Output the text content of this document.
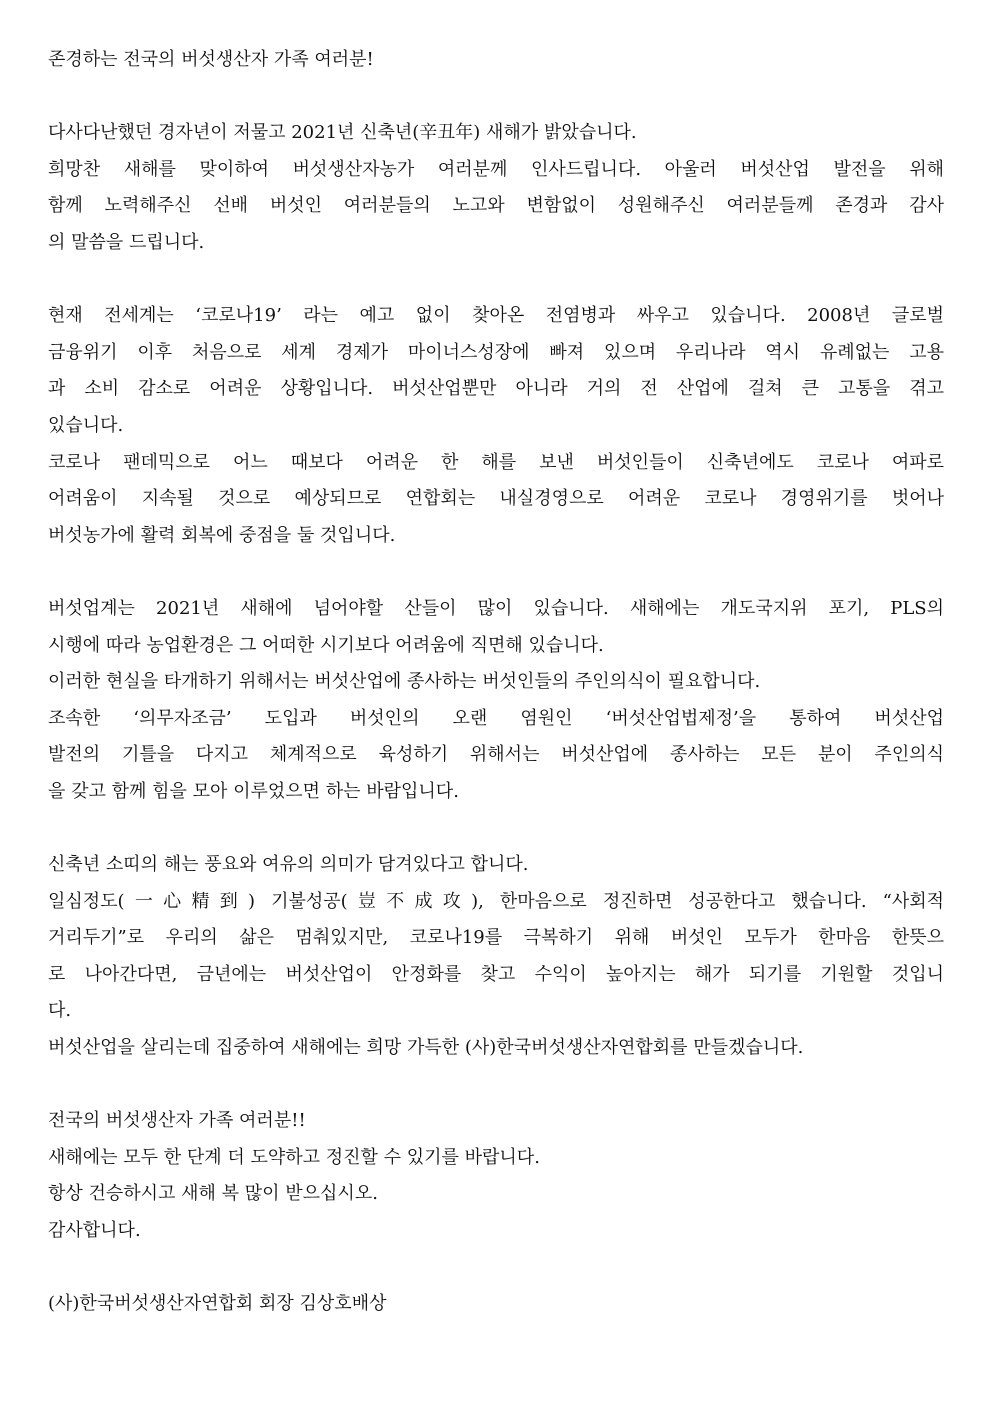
존경하는 전국의 버섯생산자 가족 여러분!
다사다난했던 경자년이 저물고 2021년 신축년(辛丑年) 새해가 밝았습니다.
희망찬 새해를 맞이하여 버섯생산자농가 여러분께 인사드립니다. 아울러 버섯산업 발전을 위해
함께 노력해주신 선배 버섯인 여러분들의 노고와 변함없이 성원해주신 여러분들께 존경과 감사
의 말씀을 드립니다.
현재 전세계는 ‘코로나19’ 라는 예고 없이 찾아온 전염병과 싸우고 있습니다. 2008년 글로벌
금융위기 이후 처음으로 세계 경제가 마이너스성장에 빠져 있으며 우리나라 역시 유례없는 고용
과 소비 감소로 어려운 상황입니다. 버섯산업뿐만 아니라 거의 전 산업에 걸쳐 큰 고통을 겪고
있습니다.
코로나 팬데믹으로 어느 때보다 어려운 한 해를 보낸 버섯인들이 신축년에도 코로나 여파로
어려움이 지속될 것으로 예상되므로 연합회는 내실경영으로 어려운 코로나 경영위기를 벗어나
버섯농가에 활력 회복에 중점을 둘 것입니다.
버섯업계는 2021년 새해에 넘어야할 산들이 많이 있습니다. 새해에는 개도국지위 포기, PLS의
시행에 따라 농업환경은 그 어떠한 시기보다 어려움에 직면해 있습니다.
이러한 현실을 타개하기 위해서는 버섯산업에 종사하는 버섯인들의 주인의식이 필요합니다.
조속한 ‘의무자조금’ 도입과 버섯인의 오랜 염원인 ‘버섯산업법제정’을 통하여 버섯산업
발전의 기틀을 다지고 체계적으로 육성하기 위해서는 버섯산업에 종사하는 모든 분이 주인의식
을 갖고 함께 힘을 모아 이루었으면 하는 바람입니다.
신축년 소띠의 해는 풍요와 여유의 의미가 담겨있다고 합니다.
일심정도(一心精到) 기불성공(豈不成攻), 한마음으로 정진하면 성공한다고 했습니다. “사회적
거리두기”로 우리의 삶은 멈춰있지만, 코로나19를 극복하기 위해 버섯인 모두가 한마음 한뜻으
로 나아간다면, 금년에는 버섯산업이 안정화를 찾고 수익이 높아지는 해가 되기를 기원할 것입니
다.
버섯산업을 살리는데 집중하여 새해에는 희망 가득한 (사)한국버섯생산자연합회를 만들겠습니다.
전국의 버섯생산자 가족 여러분!!
새해에는 모두 한 단계 더 도약하고 정진할 수 있기를 바랍니다.
항상 건승하시고 새해 복 많이 받으십시오.
감사합니다.
(사)한국버섯생산자연합회 회장 김상호배상
